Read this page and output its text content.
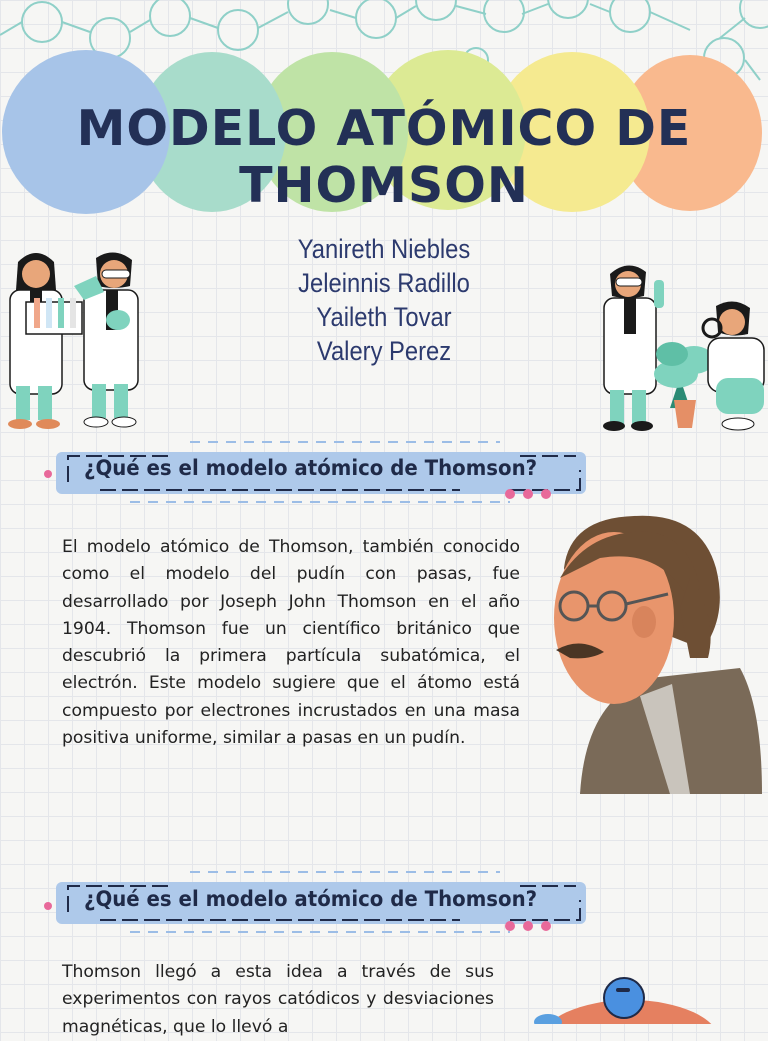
MODELO ATÓMICO DE THOMSON
Yanireth Niebles
Jeleinnis Radillo
Yaileth Tovar
Valery Perez
¿Qué es el modelo atómico de Thomson?
El modelo atómico de Thomson, también conocido como el modelo del pudín con pasas, fue desarrollado por Joseph John Thomson en el año 1904. Thomson fue un científico británico que descubrió la primera partícula subatómica, el electrón. Este modelo sugiere que el átomo está compuesto por electrones incrustados en una masa positiva uniforme, similar a pasas en un pudín.
¿Qué es el modelo atómico de Thomson?
Thomson llegó a esta idea a través de sus experimentos con rayos catódicos y desviaciones magnéticas, que lo llevó a
